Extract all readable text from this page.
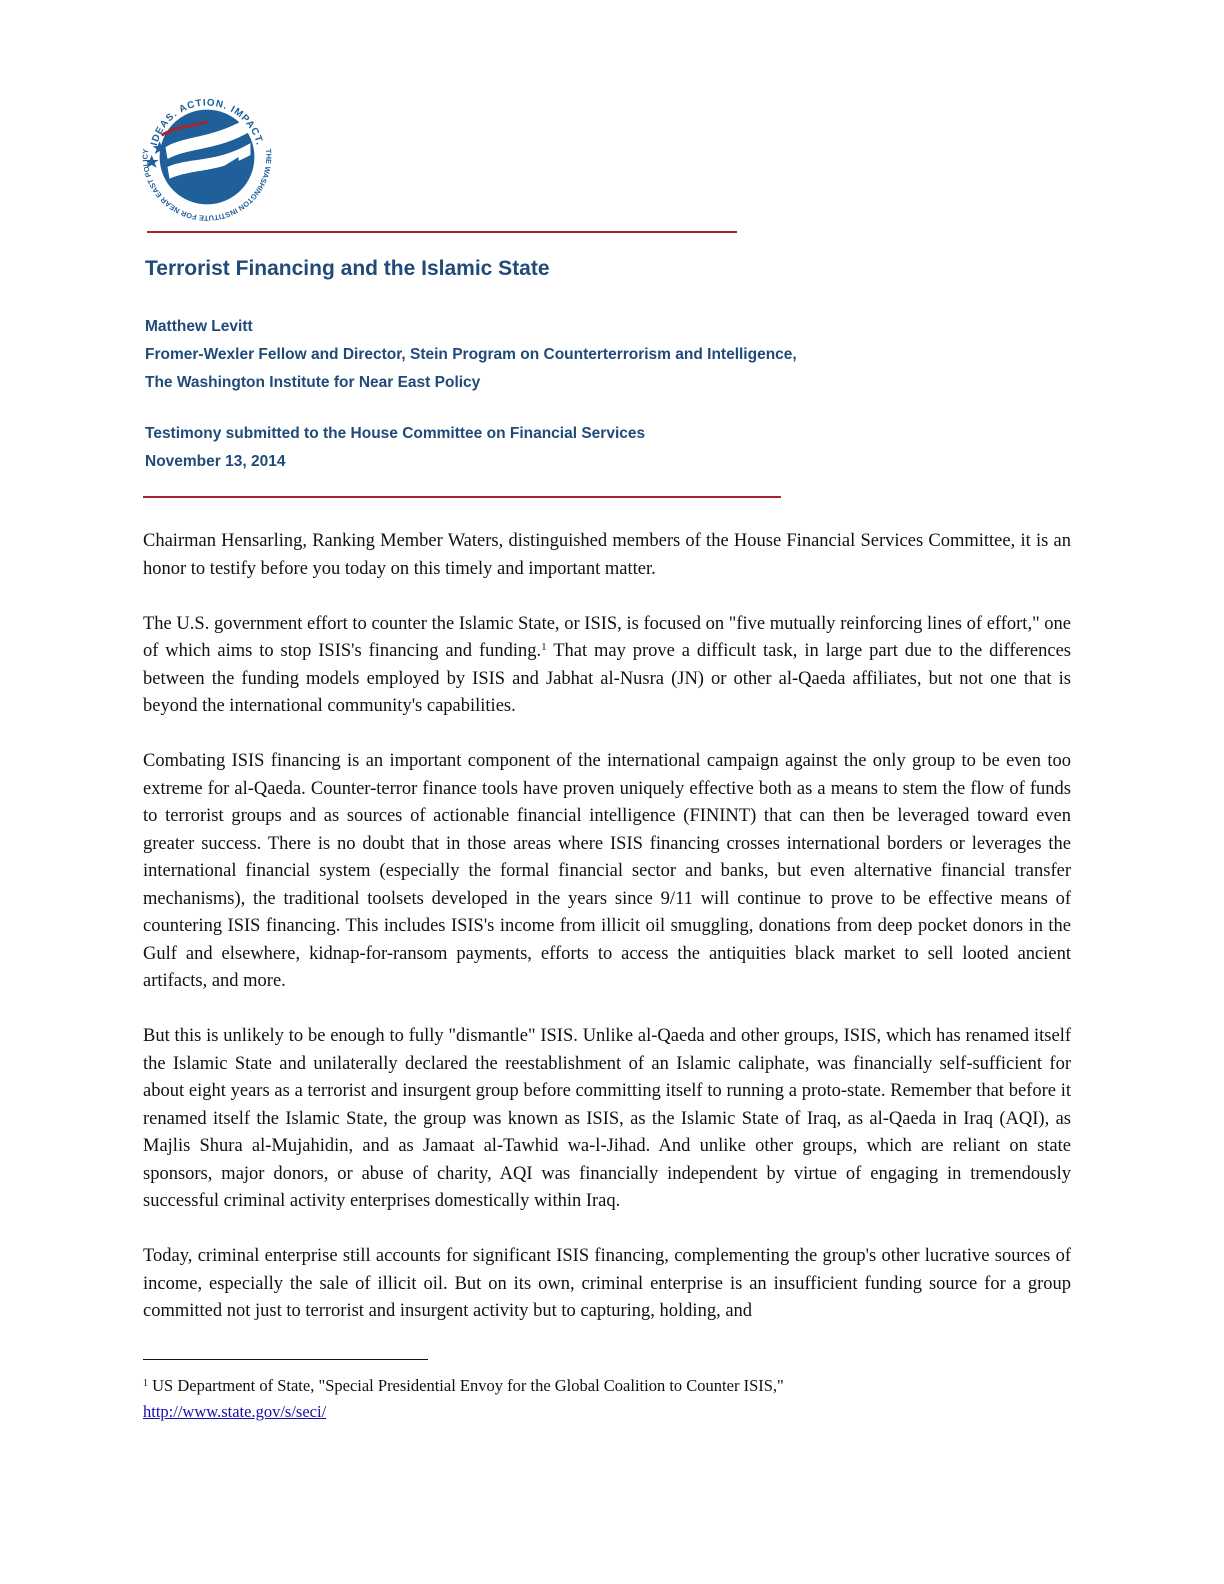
IDEAS. ACTION. IMPACT.
THE WASHINGTON INSTITUTE FOR NEAR EAST POLICY
Terrorist Financing and the Islamic State
Matthew Levitt
Fromer-Wexler Fellow and Director, Stein Program on Counterterrorism and Intelligence,
The Washington Institute for Near East Policy
Testimony submitted to the House Committee on Financial Services
November 13, 2014

Chairman Hensarling, Ranking Member Waters, distinguished members of the House Financial Services Committee, it is an honor to testify before you today on this timely and important matter.

The U.S. government effort to counter the Islamic State, or ISIS, is focused on "five mutually reinforcing lines of effort," one of which aims to stop ISIS's financing and funding.$^1$ That may prove a difficult task, in large part due to the differences between the funding models employed by ISIS and Jabhat al-Nusra (JN) or other al-Qaeda affiliates, but not one that is beyond the international community's capabilities.

Combating ISIS financing is an important component of the international campaign against the only group to be even too extreme for al-Qaeda. Counter-terror finance tools have proven uniquely effective both as a means to stem the flow of funds to terrorist groups and as sources of actionable financial intelligence (FININT) that can then be leveraged toward even greater success. There is no doubt that in those areas where ISIS financing crosses international borders or leverages the international financial system (especially the formal financial sector and banks, but even alternative financial transfer mechanisms), the traditional toolsets developed in the years since 9/11 will continue to prove to be effective means of countering ISIS financing. This includes ISIS's income from illicit oil smuggling, donations from deep pocket donors in the Gulf and elsewhere, kidnap-for-ransom payments, efforts to access the antiquities black market to sell looted ancient artifacts, and more.

But this is unlikely to be enough to fully "dismantle" ISIS. Unlike al-Qaeda and other groups, ISIS, which has renamed itself the Islamic State and unilaterally declared the reestablishment of an Islamic caliphate, was financially self-sufficient for about eight years as a terrorist and insurgent group before committing itself to running a proto-state. Remember that before it renamed itself the Islamic State, the group was known as ISIS, as the Islamic State of Iraq, as al-Qaeda in Iraq (AQI), as Majlis Shura al-Mujahidin, and as Jamaat al-Tawhid wa-l-Jihad. And unlike other groups, which are reliant on state sponsors, major donors, or abuse of charity, AQI was financially independent by virtue of engaging in tremendously successful criminal activity enterprises domestically within Iraq.

Today, criminal enterprise still accounts for significant ISIS financing, complementing the group's other lucrative sources of income, especially the sale of illicit oil. But on its own, criminal enterprise is an insufficient funding source for a group committed not just to terrorist and insurgent activity but to capturing, holding, and

$^1$ US Department of State, "Special Presidential Envoy for the Global Coalition to Counter ISIS,"
http://www.state.gov/s/seci/
